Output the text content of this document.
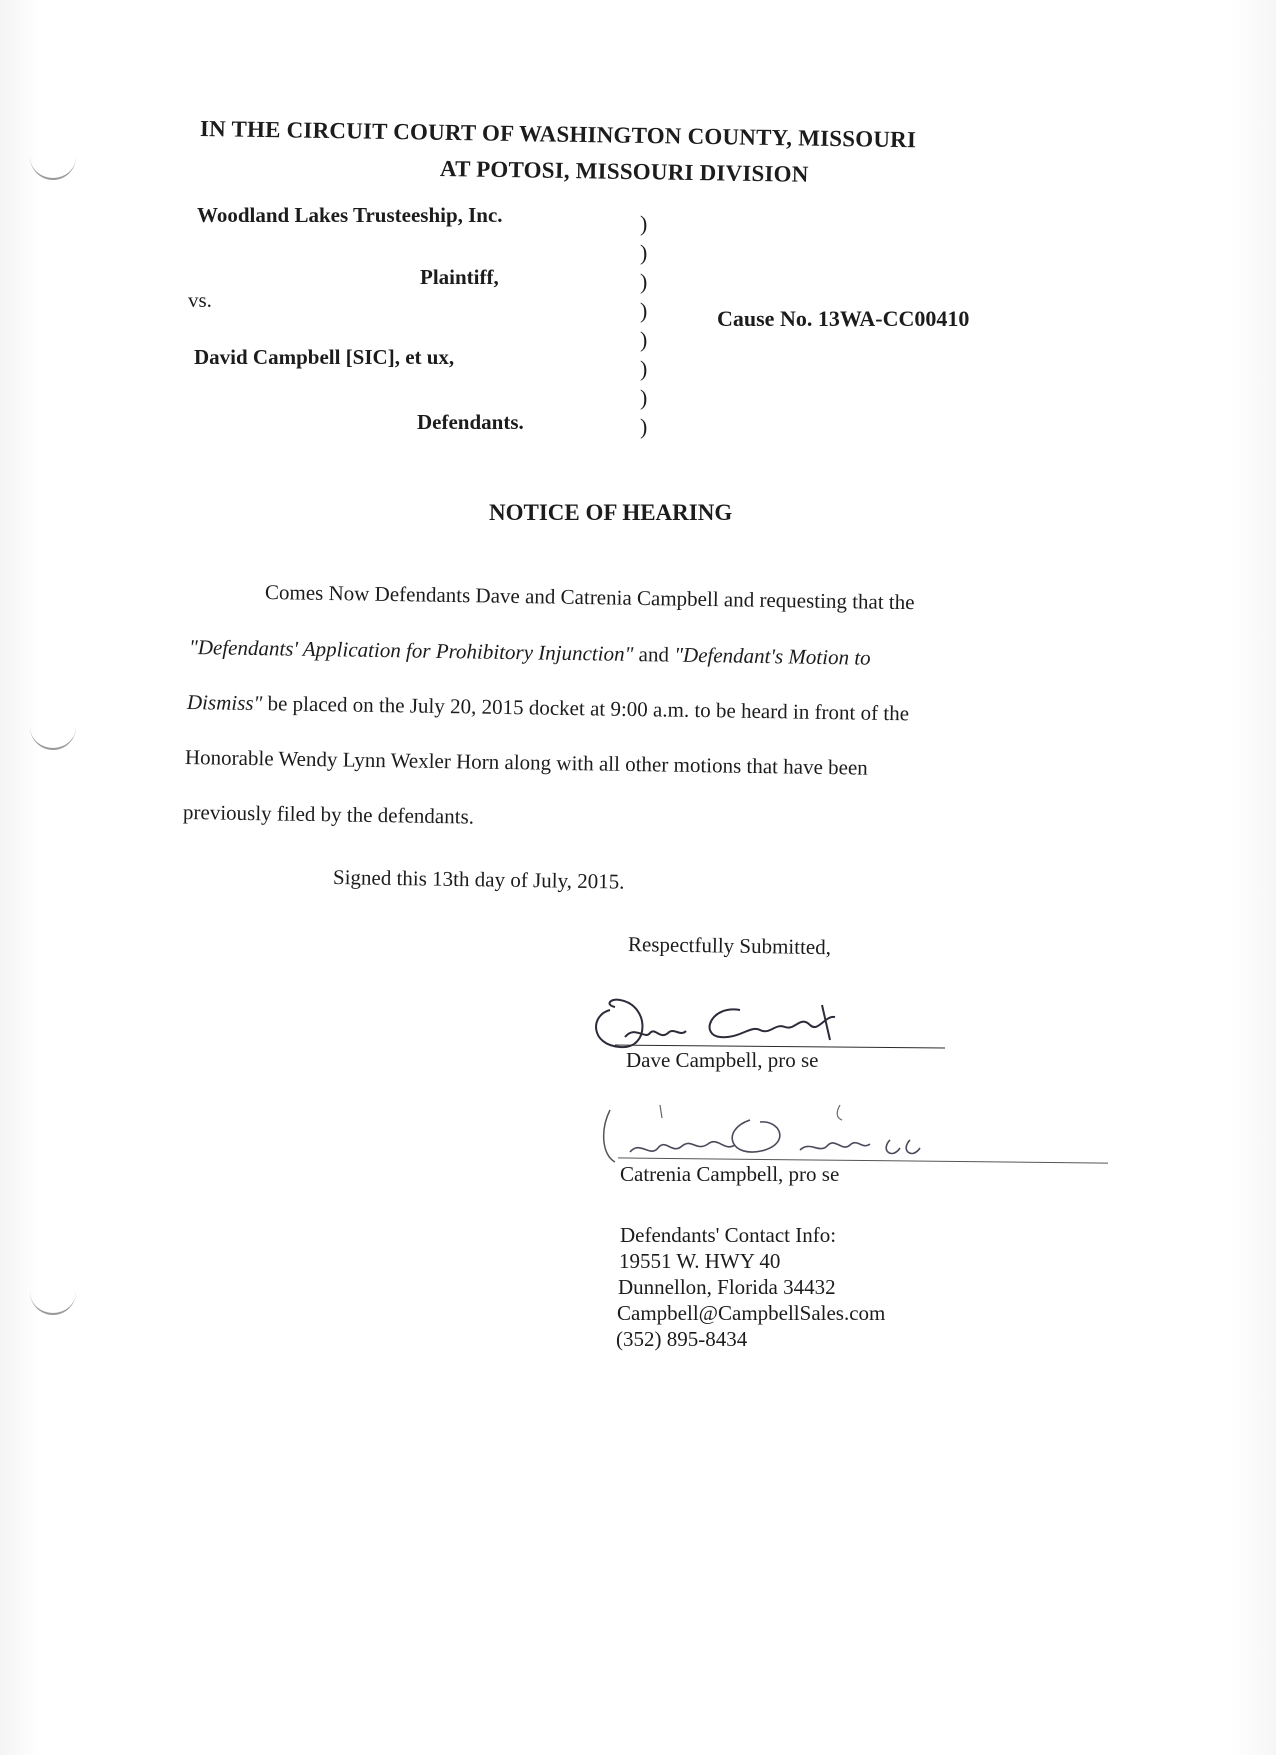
IN THE CIRCUIT COURT OF WASHINGTON COUNTY, MISSOURI
AT POTOSI, MISSOURI DIVISION
Woodland Lakes Trusteeship, Inc.
Plaintiff,
vs.
David Campbell [SIC], et ux,
Defendants.
)
)
)
)
)
)
)
)
Cause No. 13WA-CC00410
NOTICE OF HEARING
Comes Now Defendants Dave and Catrenia Campbell and requesting that the
"Defendants' Application for Prohibitory Injunction" and "Defendant's Motion to
Dismiss" be placed on the July 20, 2015 docket at 9:00 a.m. to be heard in front of the
Honorable Wendy Lynn Wexler Horn along with all other motions that have been
previously filed by the defendants.
Signed this 13th day of July, 2015.
Respectfully Submitted,
Dave Campbell, pro se
Catrenia Campbell, pro se
Defendants' Contact Info:
19551 W. HWY 40
Dunnellon, Florida 34432
Campbell@CampbellSales.com
(352) 895-8434
